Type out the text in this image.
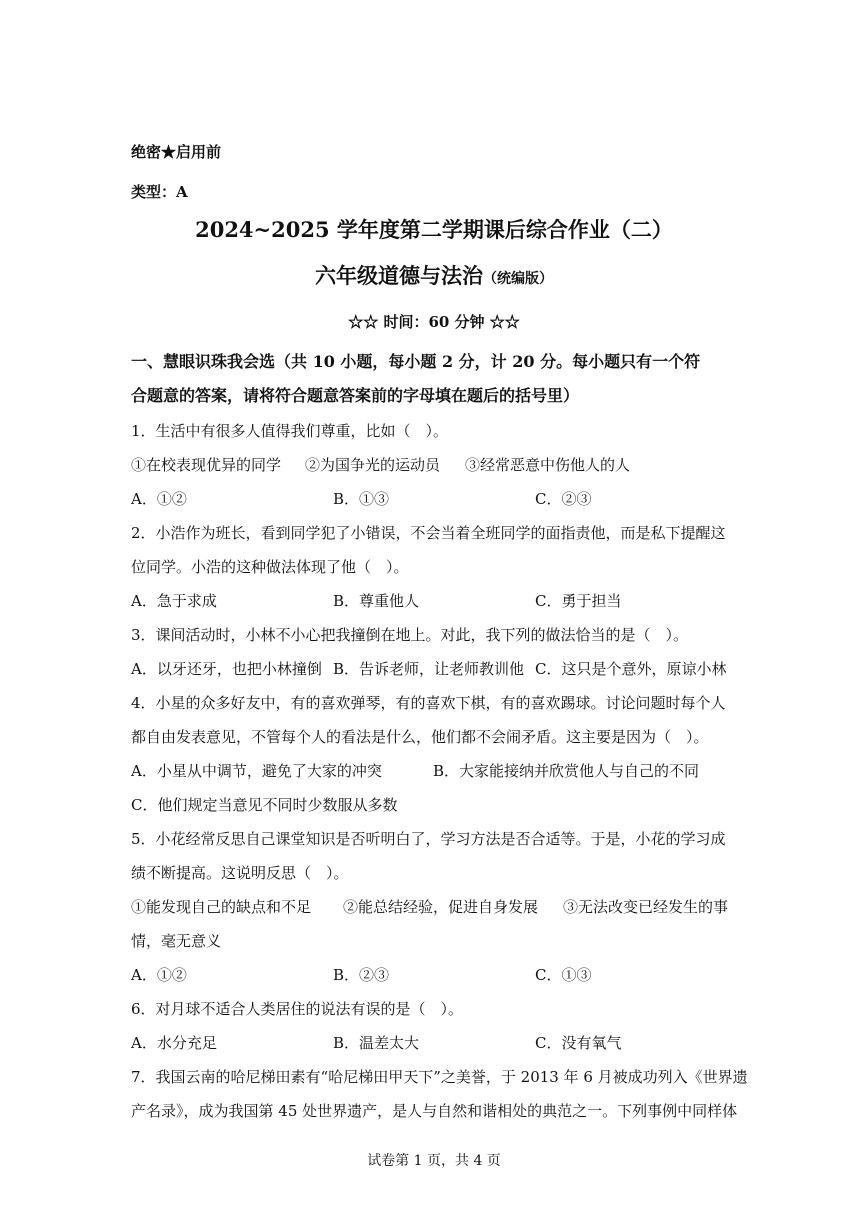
绝密★启用前
类型：A
2024~2025 学年度第二学期课后综合作业（二）
六年级道德与法治（统编版）
☆☆ 时间：60 分钟 ☆☆
一、慧眼识珠我会选（共 10 小题，每小题 2 分，计 20 分。每小题只有一个符
合题意的答案，请将符合题意答案前的字母填在题后的括号里）
1．生活中有很多人值得我们尊重，比如（　）。
①在校表现优异的同学 ②为国争光的运动员 ③经常恶意中伤他人的人
A．①②	B．①③	C．②③
2．小浩作为班长，看到同学犯了小错误，不会当着全班同学的面指责他，而是私下提醒这
位同学。小浩的这种做法体现了他（　）。
A．急于求成	B．尊重他人	C．勇于担当
3．课间活动时，小林不小心把我撞倒在地上。对此，我下列的做法恰当的是（　）。
A．以牙还牙，也把小林撞倒 B．告诉老师，让老师教训他 C．这只是个意外，原谅小林
4．小星的众多好友中，有的喜欢弹琴，有的喜欢下棋，有的喜欢踢球。讨论问题时每个人
都自由发表意见，不管每个人的看法是什么，他们都不会闹矛盾。这主要是因为（　）。
A．小星从中调节，避免了大家的冲突	B．大家能接纳并欣赏他人与自己的不同
C．他们规定当意见不同时少数服从多数
5．小花经常反思自己课堂知识是否听明白了，学习方法是否合适等。于是，小花的学习成
绩不断提高。这说明反思（　）。
①能发现自己的缺点和不足 ②能总结经验，促进自身发展 ③无法改变已经发生的事
情，毫无意义
A．①②	B．②③	C．①③
6．对月球不适合人类居住的说法有误的是（　）。
A．水分充足	B．温差太大	C．没有氧气
7．我国云南的哈尼梯田素有“哈尼梯田甲天下”之美誉，于 2013 年 6 月被成功列入《世界遗
产名录》，成为我国第 45 处世界遗产，是人与自然和谐相处的典范之一。下列事例中同样体
试卷第 1 页，共 4 页
